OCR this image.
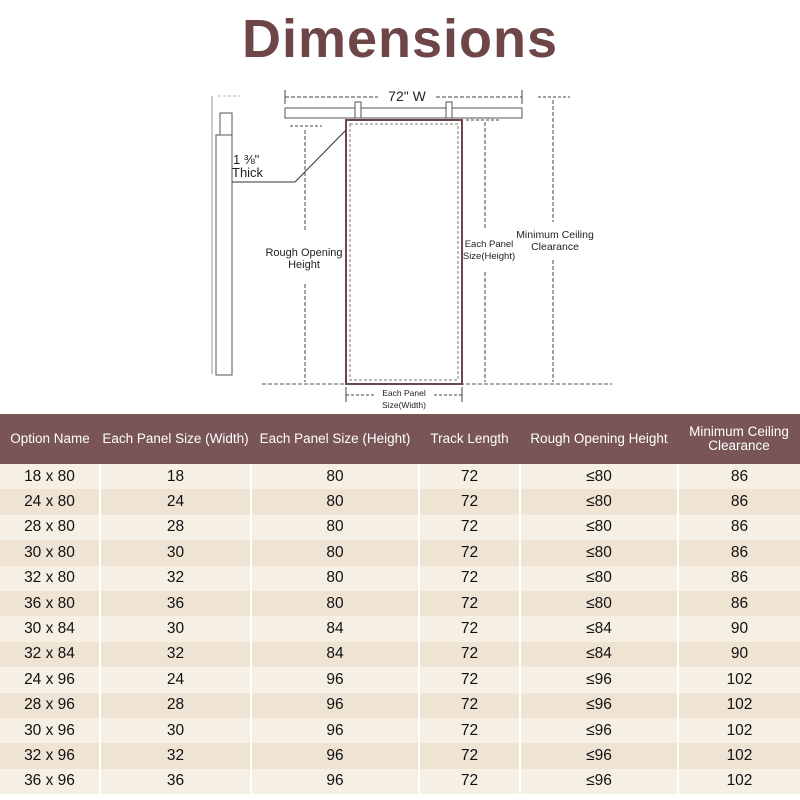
Dimensions
1 ⅜"
Thick
72" W
Rough Opening
Height
Each Panel
Size(Height)
Minimum Ceiling
Clearance
Each Panel
Size(Width)
Option Name	Each Panel Size (Width)	Each Panel Size (Height)	Track Length	Rough Opening Height	Minimum Ceiling Clearance
18 x 80	18	80	72	≤80	86
24 x 80	24	80	72	≤80	86
28 x 80	28	80	72	≤80	86
30 x 80	30	80	72	≤80	86
32 x 80	32	80	72	≤80	86
36 x 80	36	80	72	≤80	86
30 x 84	30	84	72	≤84	90
32 x 84	32	84	72	≤84	90
24 x 96	24	96	72	≤96	102
28 x 96	28	96	72	≤96	102
30 x 96	30	96	72	≤96	102
32 x 96	32	96	72	≤96	102
36 x 96	36	96	72	≤96	102
